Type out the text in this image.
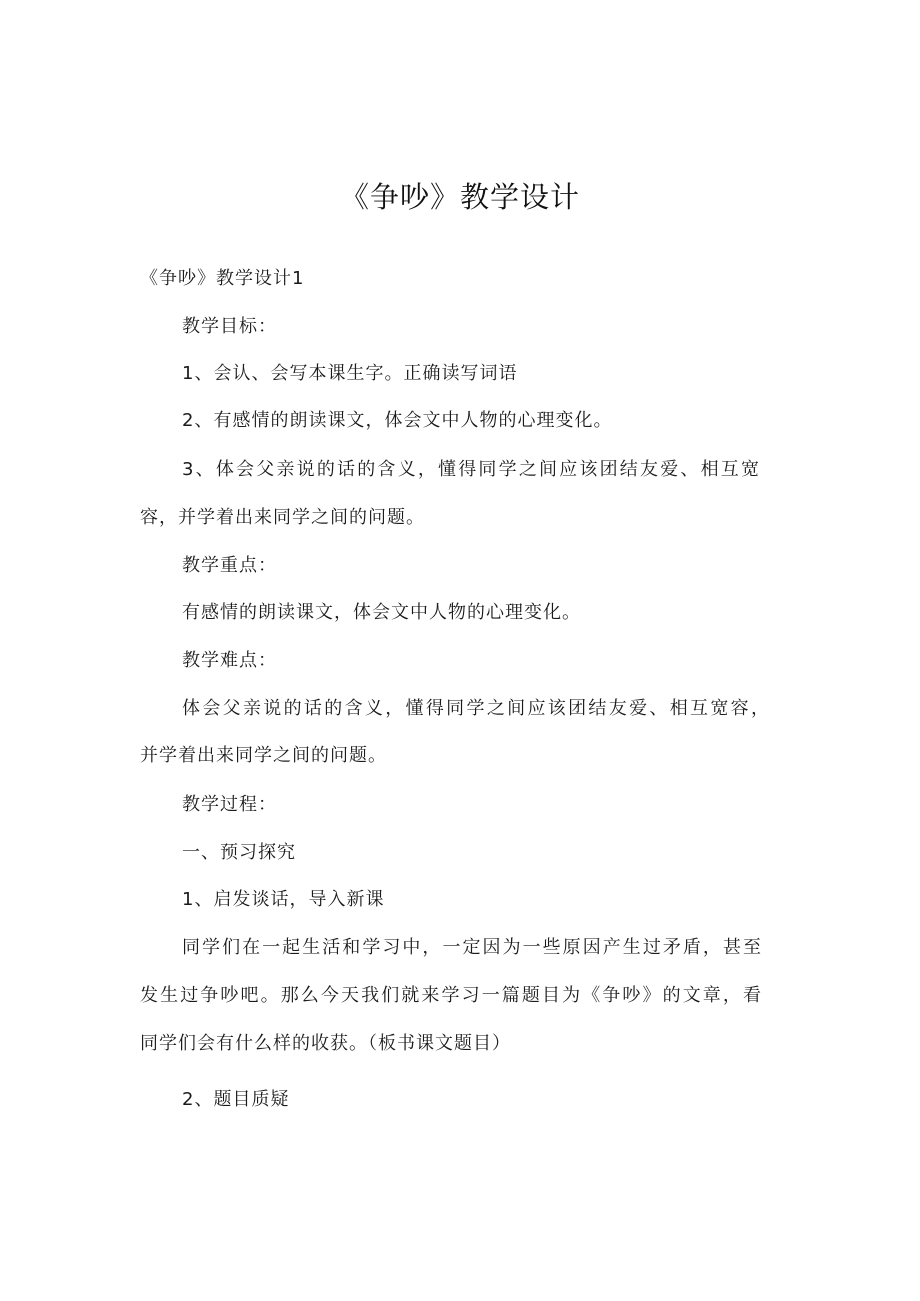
《争吵》教学设计
《争吵》教学设计1
教学目标：
1、会认、会写本课生字。正确读写词语
2、有感情的朗读课文，体会文中人物的心理变化。
3、体会父亲说的话的含义，懂得同学之间应该团结友爱、相互宽
容，并学着出来同学之间的问题。
教学重点：
有感情的朗读课文，体会文中人物的心理变化。
教学难点：
体会父亲说的话的含义，懂得同学之间应该团结友爱、相互宽容，
并学着出来同学之间的问题。
教学过程：
一、预习探究
1、启发谈话，导入新课
同学们在一起生活和学习中，一定因为一些原因产生过矛盾，甚至
发生过争吵吧。那么今天我们就来学习一篇题目为《争吵》的文章，看
同学们会有什么样的收获。（板书课文题目）
2、题目质疑
